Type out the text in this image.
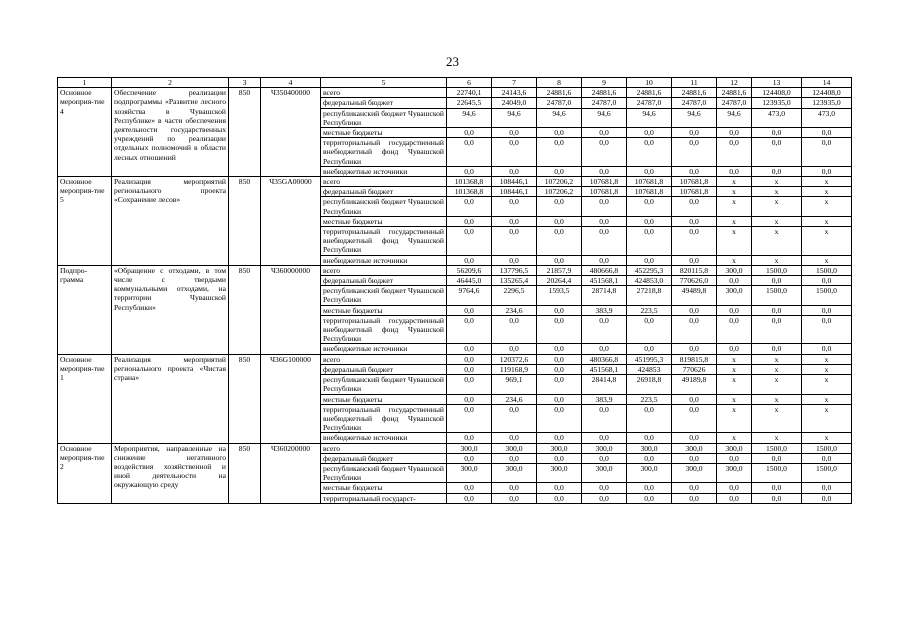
23
1	2	3	4	5	6	7	8	9	10	11	12	13	14
Основное мероприя-тие 4	Обеспечение реализации подпрограммы «Развитие лесного хозяйства в Чувашской Республике» в части обеспечения деятельности государственных учреждений по реализации отдельных полномочий в области лесных отношений	850	Ч350400000	всего	22740,1	24143,6	24881,6	24881,6	24881,6	24881,6	24881,6	124408,0	124408,0
				федеральный бюджет	22645,5	24049,0	24787,0	24787,0	24787,0	24787,0	24787,0	123935,0	123935,0
				республиканский бюджет Чувашской Республики	94,6	94,6	94,6	94,6	94,6	94,6	94,6	473,0	473,0
				местные бюджеты	0,0	0,0	0,0	0,0	0,0	0,0	0,0	0,0	0,0
				территориальный государственный внебюджетный фонд Чувашской Республики	0,0	0,0	0,0	0,0	0,0	0,0	0,0	0,0	0,0
				внебюджетные источники	0,0	0,0	0,0	0,0	0,0	0,0	0,0	0,0	0,0
Основное мероприя-тие 5	Реализация мероприятий регионального проекта «Сохранение лесов»	850	Ч35GA00000	всего	101368,8	108446,1	107206,2	107681,8	107681,8	107681,8	x	x	x
				федеральный бюджет	101368,8	108446,1	107206,2	107681,8	107681,8	107681,8	x	x	x
				республиканский бюджет Чувашской Республики	0,0	0,0	0,0	0,0	0,0	0,0	x	x	x
				местные бюджеты	0,0	0,0	0,0	0,0	0,0	0,0	x	x	x
				территориальный государственный внебюджетный фонд Чувашской Республики	0,0	0,0	0,0	0,0	0,0	0,0	x	x	x
				внебюджетные источники	0,0	0,0	0,0	0,0	0,0	0,0	x	x	x
Подпро-грамма	«Обращение с отходами, в том числе с твердыми коммунальными отходами, на территории Чувашской Республики»	850	Ч360000000	всего	56209,6	137796,5	21857,9	480666,8	452295,3	820115,8	300,0	1500,0	1500,0
				федеральный бюджет	46445,0	135265,4	20264,4	451568,1	424853,0	770626,0	0,0	0,0	0,0
				республиканский бюджет Чувашской Республики	9764,6	2296,5	1593,5	28714,8	27218,8	49489,8	300,0	1500,0	1500,0
				местные бюджеты	0,0	234,6	0,0	383,9	223,5	0,0	0,0	0,0	0,0
				территориальный государственный внебюджетный фонд Чувашской Республики	0,0	0,0	0,0	0,0	0,0	0,0	0,0	0,0	0,0
				внебюджетные источники	0,0	0,0	0,0	0,0	0,0	0,0	0,0	0,0	0,0
Основное мероприя-тие 1	Реализация мероприятий регионального проекта «Чистая страна»	850	Ч36G100000	всего	0,0	120372,6	0,0	480366,8	451995,3	819815,8	x	x	x
				федеральный бюджет	0,0	119168,9	0,0	451568,1	424853	770626	x	x	x
				республиканский бюджет Чувашской Республики	0,0	969,1	0,0	28414,8	26918,8	49189,8	x	x	x
				местные бюджеты	0,0	234,6	0,0	383,9	223,5	0,0	x	x	x
				территориальный государственный внебюджетный фонд Чувашской Республики	0,0	0,0	0,0	0,0	0,0	0,0	x	x	x
				внебюджетные источники	0,0	0,0	0,0	0,0	0,0	0,0	x	x	x
Основное мероприя-тие 2	Мероприятия, направленные на снижение негативного воздействия хозяйственной и иной деятельности на окружающую среду	850	Ч360200000	всего	300,0	300,0	300,0	300,0	300,0	300,0	300,0	1500,0	1500,0
				федеральный бюджет	0,0	0,0	0,0	0,0	0,0	0,0	0,0	0,0	0,0
				республиканский бюджет Чувашской Республики	300,0	300,0	300,0	300,0	300,0	300,0	300,0	1500,0	1500,0
				местные бюджеты	0,0	0,0	0,0	0,0	0,0	0,0	0,0	0,0	0,0
				территориальный государст-	0,0	0,0	0,0	0,0	0,0	0,0	0,0	0,0	0,0
